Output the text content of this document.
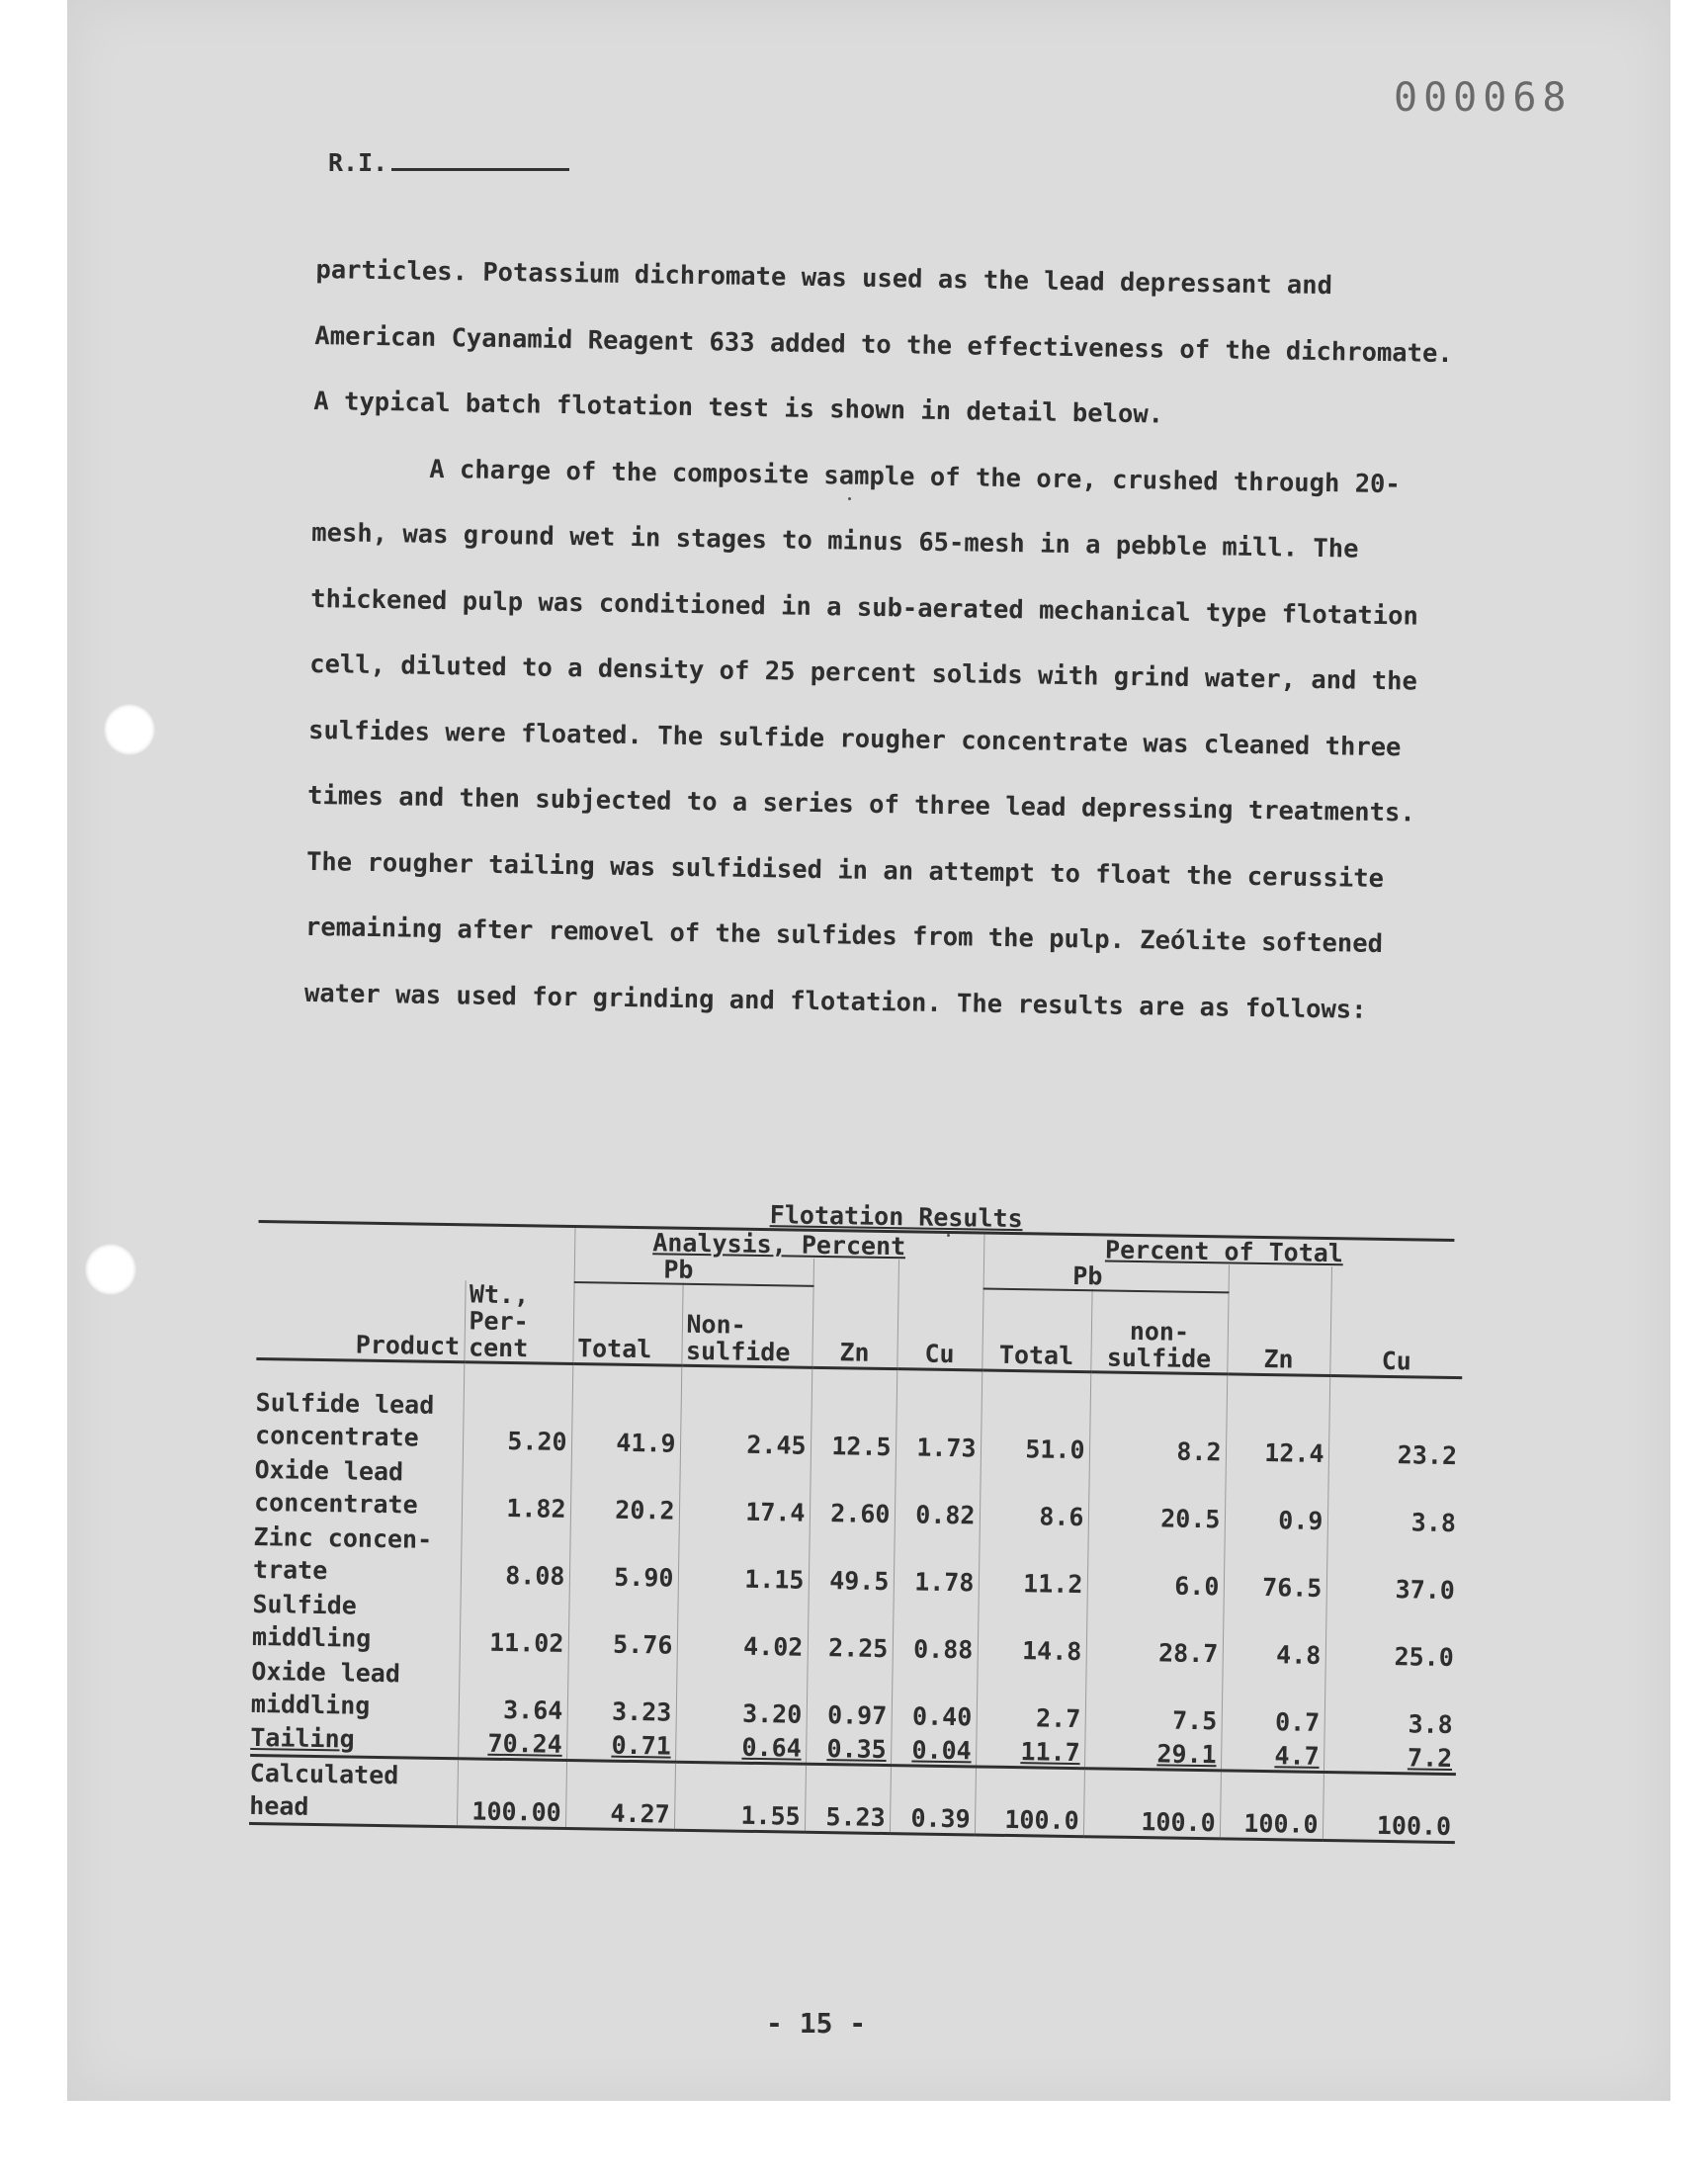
000068
R.I.

particles. Potassium dichromate was used as the lead depressant and American Cyanamid Reagent 633 added to the effectiveness of the dichromate. A typical batch flotation test is shown in detail below.

A charge of the composite sample of the ore, crushed through 20-mesh, was ground wet in stages to minus 65-mesh in a pebble mill. The thickened pulp was conditioned in a sub-aerated mechanical type flotation cell, diluted to a density of 25 percent solids with grind water, and the sulfides were floated. The sulfide rougher concentrate was cleaned three times and then subjected to a series of three lead depressing treatments. The rougher tailing was sulfidised in an attempt to float the cerussite remaining after removel of the sulfides from the pulp. Zeólite softened water was used for grinding and flotation. The results are as follows:

Flotation Results
		Analysis, Percent				Percent of Total			
		Pb				Pb			
Product	Wt., Per- cent	Total	Non- sulfide	Zn	Cu	Total	non- sulfide	Zn	Cu
Sulfide lead concentrate	5.20	41.9	2.45	12.5	1.73	51.0	8.2	12.4	23.2
Oxide lead concentrate	1.82	20.2	17.4	2.60	0.82	8.6	20.5	0.9	3.8
Zinc concen- trate	8.08	5.90	1.15	49.5	1.78	11.2	6.0	76.5	37.0
Sulfide middling	11.02	5.76	4.02	2.25	0.88	14.8	28.7	4.8	25.0
Oxide lead middling	3.64	3.23	3.20	0.97	0.40	2.7	7.5	0.7	3.8
Tailing	70.24	0.71	0.64	0.35	0.04	11.7	29.1	4.7	7.2
Calculated head	100.00	4.27	1.55	5.23	0.39	100.0	100.0	100.0	100.0
- 15 -
